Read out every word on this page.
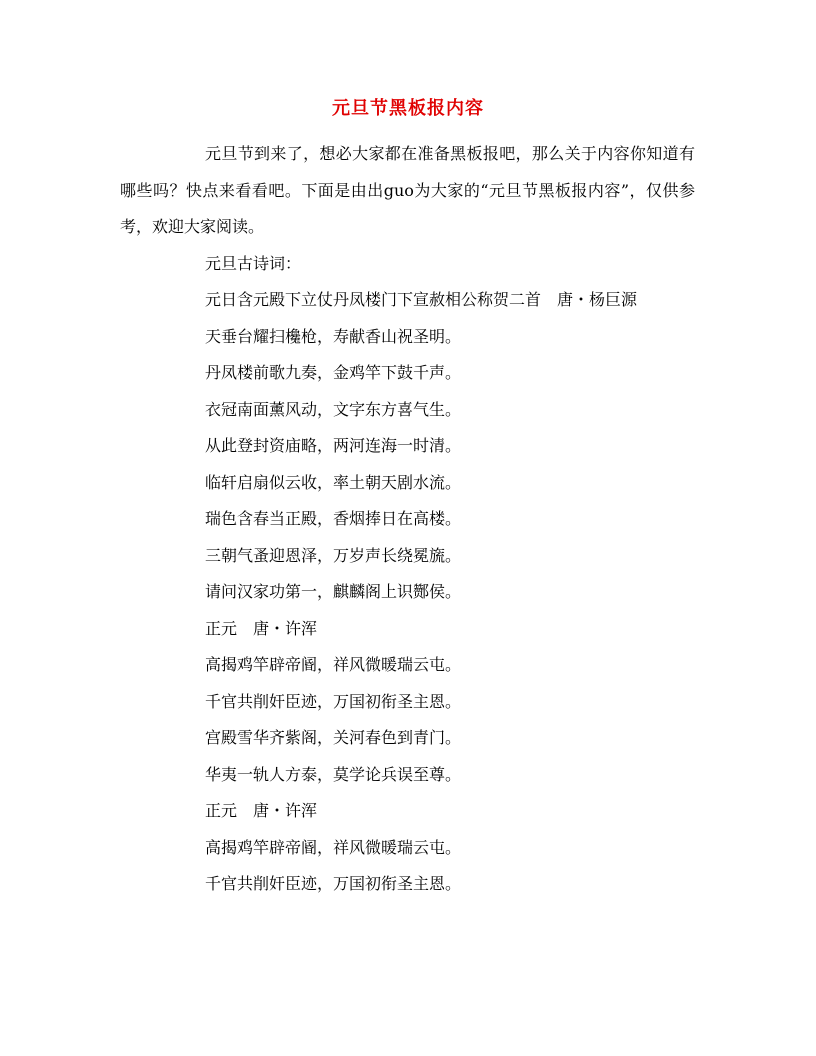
元旦节黑板报内容

元旦节到来了，想必大家都在准备黑板报吧，那么关于内容你知道有哪些吗？快点来看看吧。下面是由出guo为大家的“元旦节黑板报内容”，仅供参考，欢迎大家阅读。

元旦古诗词：

元日含元殿下立仗丹凤楼门下宣赦相公称贺二首　唐・杨巨源

天垂台耀扫欃枪，寿献香山祝圣明。

丹凤楼前歌九奏，金鸡竿下鼓千声。

衣冠南面薰风动，文字东方喜气生。

从此登封资庙略，两河连海一时清。

临轩启扇似云收，率土朝天剧水流。

瑞色含春当正殿，香烟捧日在高楼。

三朝气蚤迎恩泽，万岁声长绕冕旒。

请问汉家功第一，麒麟阁上识酂侯。

正元　唐・许浑

高揭鸡竿辟帝阍，祥风微暖瑞云屯。

千官共削奸臣迹，万国初衔圣主恩。

宫殿雪华齐紫阁，关河春色到青门。

华夷一轨人方泰，莫学论兵误至尊。

正元　唐・许浑

高揭鸡竿辟帝阍，祥风微暖瑞云屯。

千官共削奸臣迹，万国初衔圣主恩。
